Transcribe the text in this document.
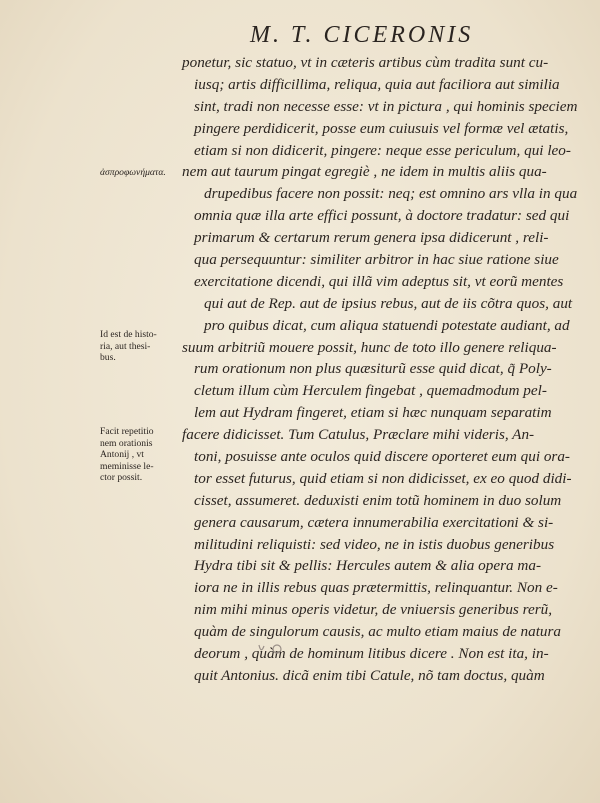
M. T. CICERONIS
ἀσπροφωνήματα.
Id est de histo-
ria, aut thesi-
bus.
Facit repetitio
nem orationis
Antonij , vt
meminisse le-
ctor possit.
ponetur, sic statuo, vt in cæteris artibus cùm tradita sunt cu-
iusq; artis difficillima, reliqua, quia aut faciliora aut similia
sint, tradi non necesse esse: vt in pictura , qui hominis speciem
pingere perdidicerit, posse eum cuiusuis vel formæ vel ætatis,
etiam si non didicerit, pingere: neque esse periculum, qui leo-
nem aut taurum pingat egregiè , ne idem in multis aliis qua-
drupedibus facere non possit: neq; est omnino ars vlla in qua
omnia quæ illa arte effici possunt, à doctore tradatur: sed qui
primarum & certarum rerum genera ipsa didicerunt , reli-
qua persequuntur: similiter arbitror in hac siue ratione siue
exercitatione dicendi, qui illã vim adeptus sit, vt eorũ mentes
qui aut de Rep. aut de ipsius rebus, aut de iis cõtra quos, aut
pro quibus dicat, cum aliqua statuendi potestate audiant, ad
suum arbitriũ mouere possit, hunc de toto illo genere reliqua-
rum orationum non plus quæsiturũ esse quid dicat, q̃ Poly-
cletum illum cùm Herculem fingebat , quemadmodum pel-
lem aut Hydram fingeret, etiam si hæc nunquam separatim
facere didicisset. Tum Catulus, Præclare mihi videris, An-
toni, posuisse ante oculos quid discere oporteret eum qui ora-
tor esset futurus, quid etiam si non didicisset, ex eo quod didi-
cisset, assumeret. deduxisti enim totũ hominem in duo solum
genera causarum, cætera innumerabilia exercitationi & si-
militudini reliquisti: sed video, ne in istis duobus generibus
Hydra tibi sit & pellis: Hercules autem & alia opera ma-
iora ne in illis rebus quas prætermittis, relinquantur. Non e-
nim mihi minus operis videtur, de vniuersis generibus rerũ,
quàm de singulorum causis, ac multo etiam maius de natura
deorum , quàm de hominum litibus dicere . Non est ita, in-
quit Antonius. dicã enim tibi Catule, nõ tam doctus, quàm
